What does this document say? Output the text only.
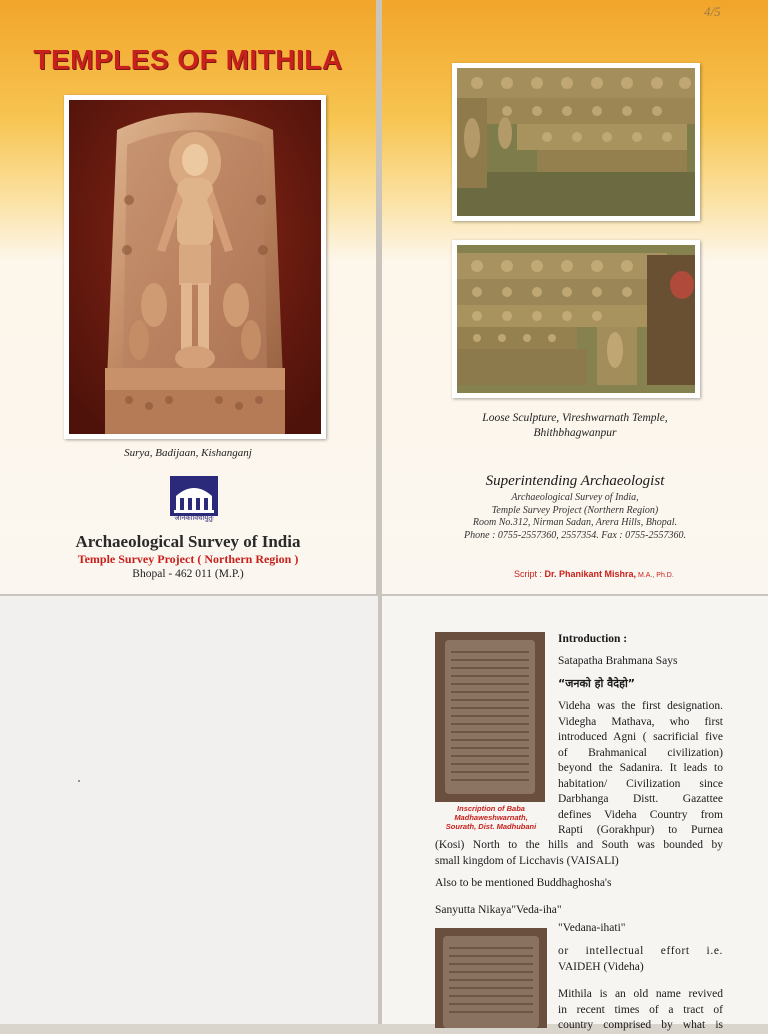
TEMPLES OF MITHILA
Surya, Badijaan, Kishanganj
जानकीविधायुतुः
Archaeological Survey of India
Temple Survey Project ( Northern Region )
Bhopal - 462 011 (M.P.)
4/5
Loose Sculpture, Vireshwarnath Temple,
Bhithbhagwanpur
Superintending Archaeologist
Archaeological Survey of India,
Temple Survey Project (Northern Region)
Room No.312, Nirman Sadan, Arera Hills, Bhopal.
Phone : 0755-2557360, 2557354. Fax : 0755-2557360.
Script : Dr. Phanikant Mishra, M.A., Ph.D.
Inscription of Baba
Madhaweshwarnath,
Sourath, Dist. Madhubani
Introduction :
Satapatha Brahmana Says
“जनको हो वैदेहो”
Videha was the first designation.
Videgha Mathava, who first
introduced Agni ( sacrificial five
of Brahmanical civilization)
beyond the Sadanira. It leads to
habitation/ Civilization since
Darbhanga Distt. Gazattee
defines Videha Country from
Rapti (Gorakhpur) to Purnea
(Kosi) North to the hills and South was bounded by
small kingdom of Licchavis (VAISALI)
Also to be mentioned Buddhaghosha's
Sanyutta Nikaya"Veda-iha"
"Vedana-ihati"
or intellectual effort i.e.
VAIDEH (Videha)
Mithila is an old name revived
in recent times of a tract of
country comprised by what is
